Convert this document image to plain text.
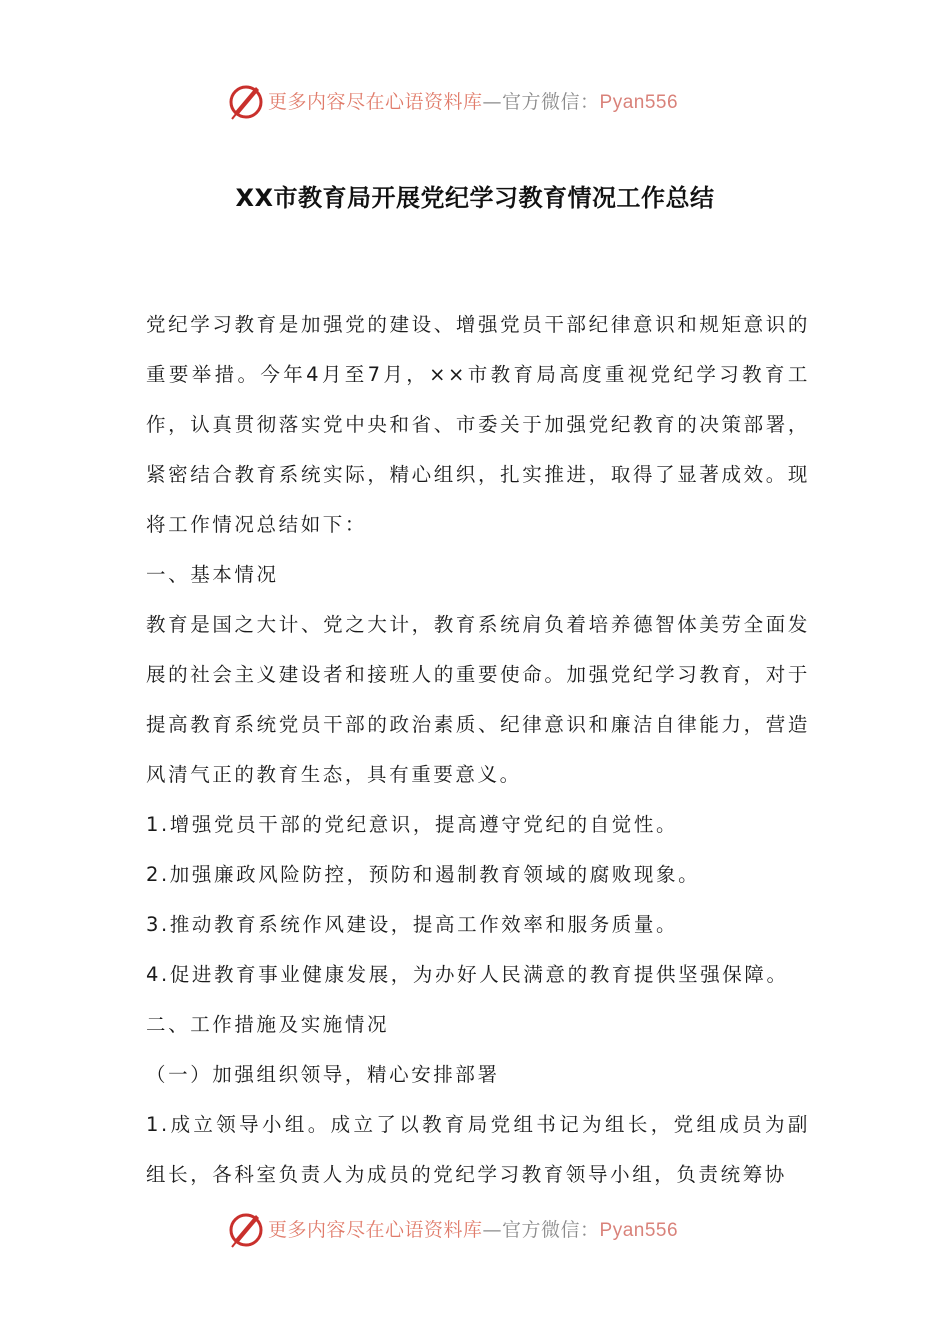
更多内容尽在心语资料库—官方微信：Pyan556
XX市教育局开展党纪学习教育情况工作总结

党纪学习教育是加强党的建设、增强党员干部纪律意识和规矩意识的重要举措。今年4月至7月，××市教育局高度重视党纪学习教育工作，认真贯彻落实党中央和省、市委关于加强党纪教育的决策部署，紧密结合教育系统实际，精心组织，扎实推进，取得了显著成效。现将工作情况总结如下：

一、基本情况

教育是国之大计、党之大计，教育系统肩负着培养德智体美劳全面发展的社会主义建设者和接班人的重要使命。加强党纪学习教育，对于提高教育系统党员干部的政治素质、纪律意识和廉洁自律能力，营造风清气正的教育生态，具有重要意义。

1.增强党员干部的党纪意识，提高遵守党纪的自觉性。

2.加强廉政风险防控，预防和遏制教育领域的腐败现象。

3.推动教育系统作风建设，提高工作效率和服务质量。

4.促进教育事业健康发展，为办好人民满意的教育提供坚强保障。

二、工作措施及实施情况

（一）加强组织领导，精心安排部署

1.成立领导小组。成立了以教育局党组书记为组长，党组成员为副组长，各科室负责人为成员的党纪学习教育领导小组，负责统筹协

更多内容尽在心语资料库—官方微信：Pyan556
